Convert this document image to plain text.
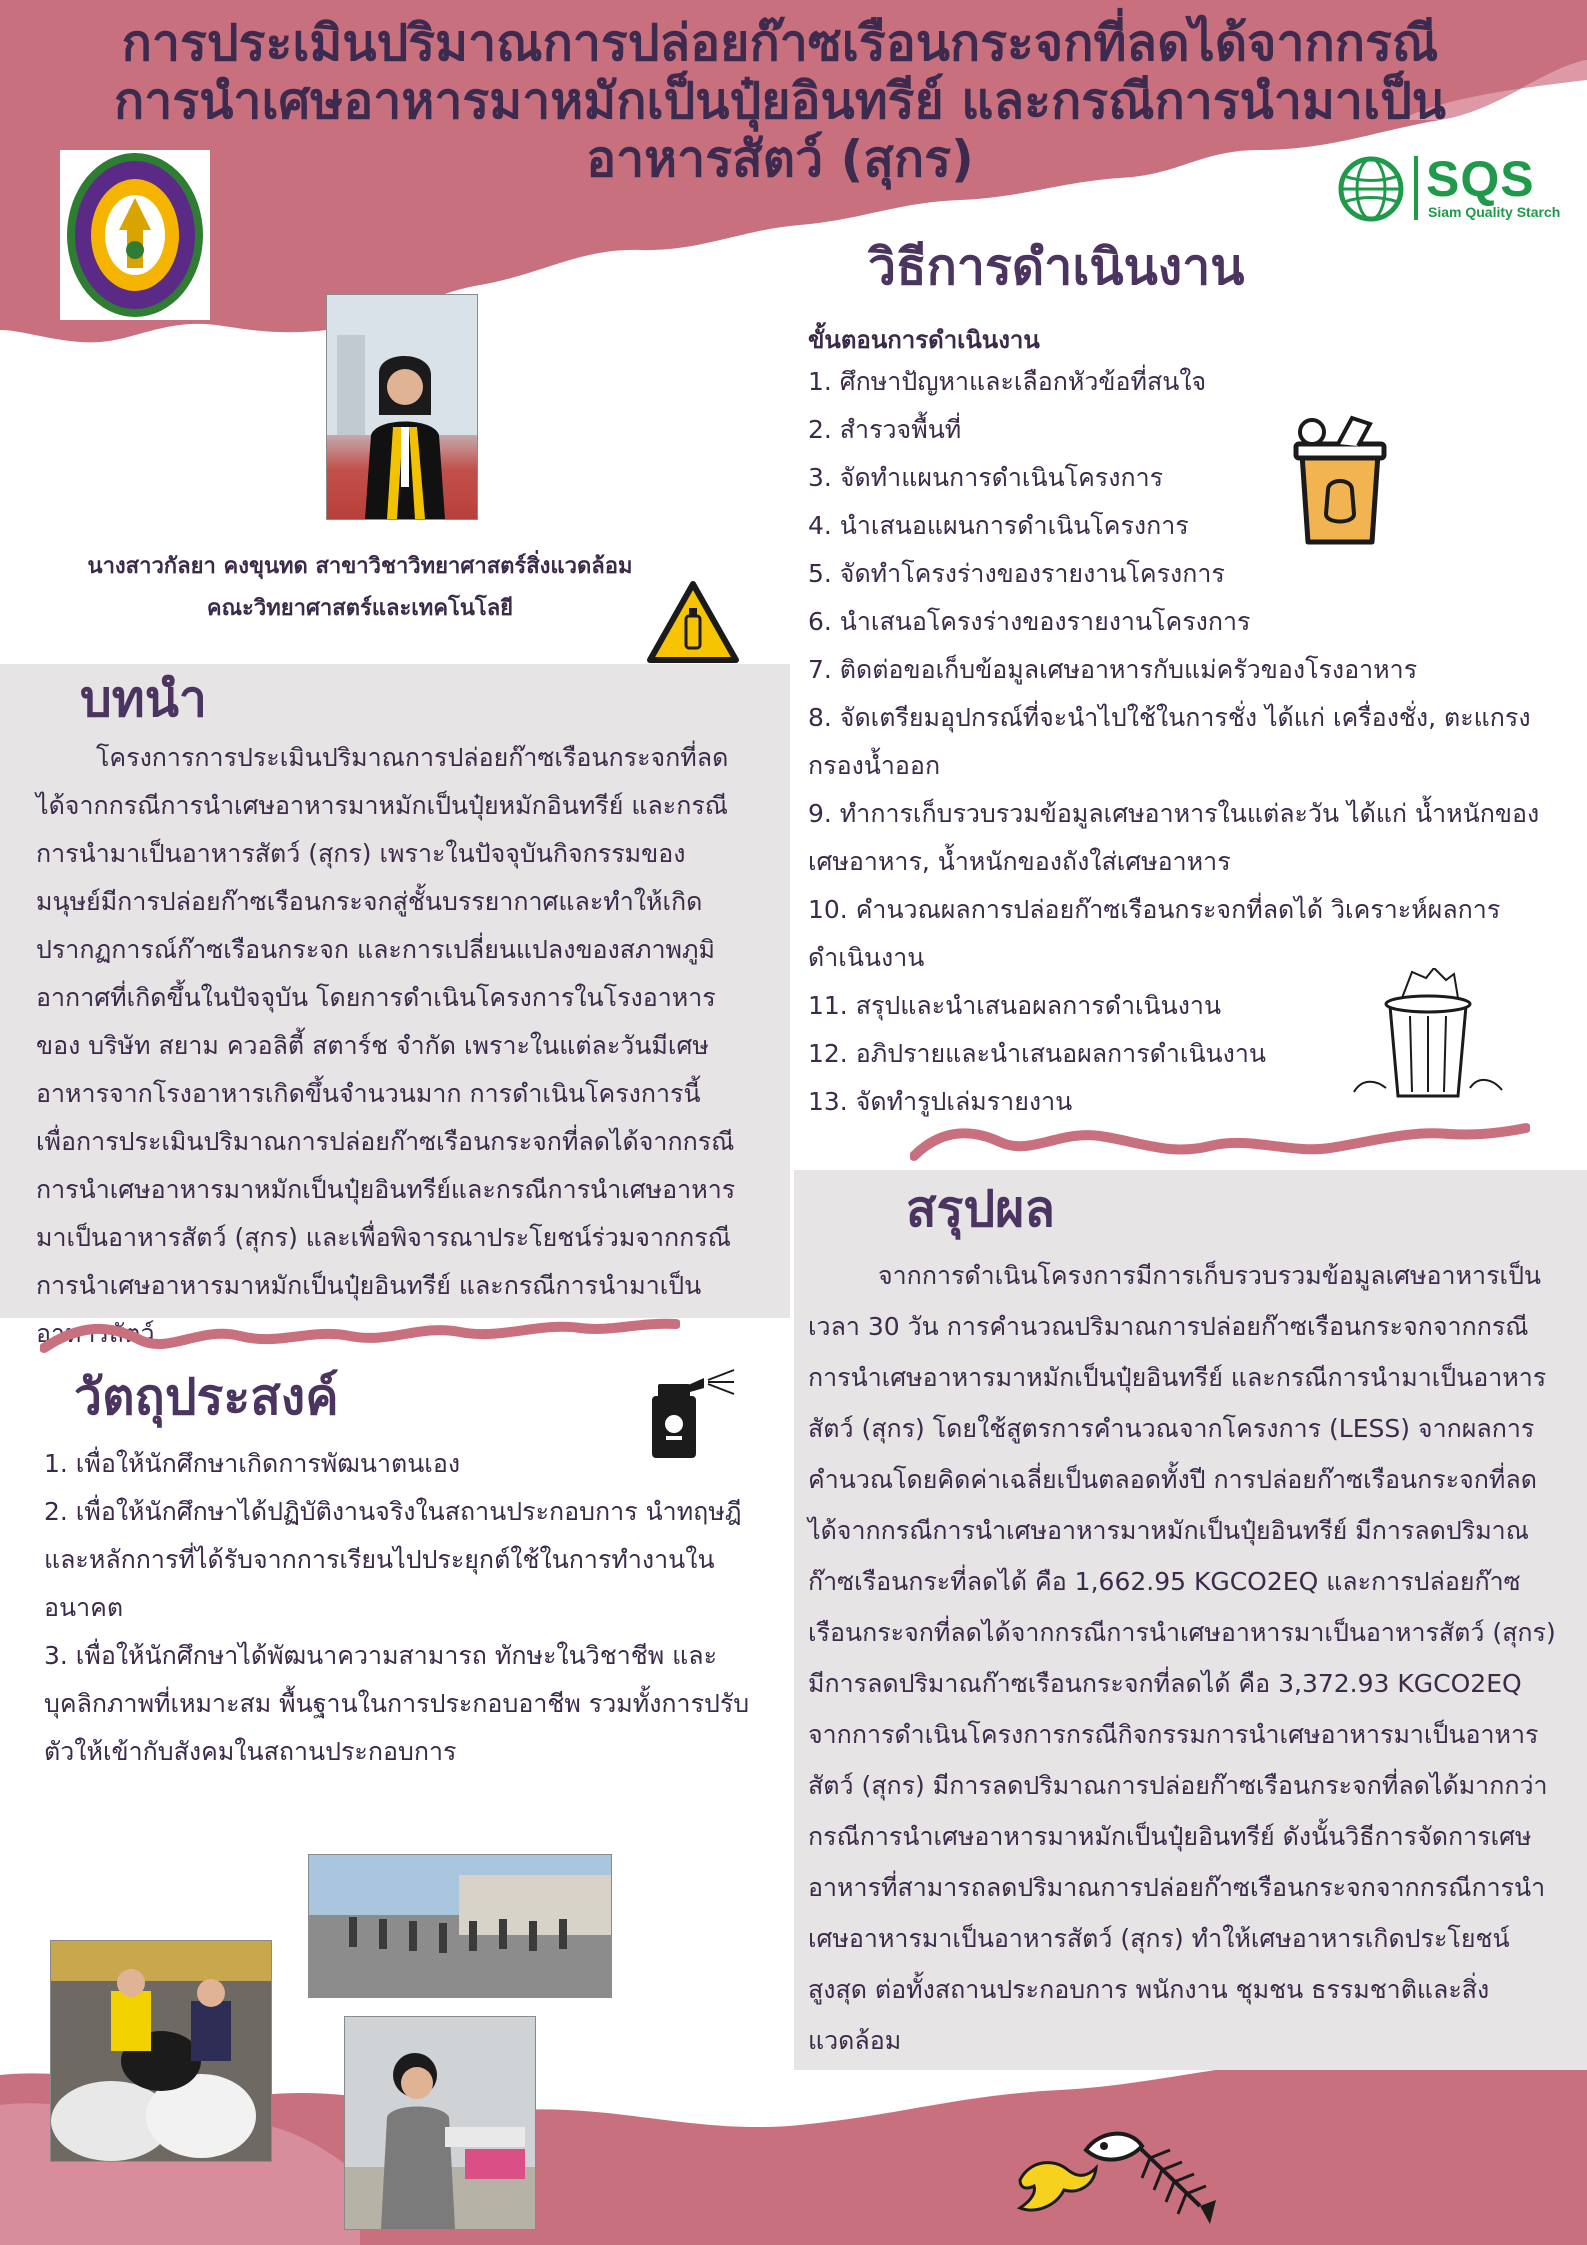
การประเมินปริมาณการปล่อยก๊าซเรือนกระจกที่ลดได้จากกรณีการนำเศษอาหารมาหมักเป็นปุ๋ยอินทรีย์ และกรณีการนำมาเป็นอาหารสัตว์ (สุกร)
นางสาวกัลยา คงขุนทด สาขาวิชาวิทยาศาสตร์สิ่งแวดล้อม
คณะวิทยาศาสตร์และเทคโนโลยี
SQS
Siam Quality Starch
บทนำ
โครงการการประเมินปริมาณการปล่อยก๊าซเรือนกระจกที่ลดได้จากกรณีการนำเศษอาหารมาหมักเป็นปุ๋ยหมักอินทรีย์ และกรณีการนำมาเป็นอาหารสัตว์ (สุกร) เพราะในปัจจุบันกิจกรรมของมนุษย์มีการปล่อยก๊าซเรือนกระจกสู่ชั้นบรรยากาศและทำให้เกิดปรากฏการณ์ก๊าซเรือนกระจก และการเปลี่ยนแปลงของสภาพภูมิอากาศที่เกิดขึ้นในปัจจุบัน โดยการดำเนินโครงการในโรงอาหารของ บริษัท สยาม ควอลิตี้ สตาร์ช จำกัด เพราะในแต่ละวันมีเศษอาหารจากโรงอาหารเกิดขึ้นจำนวนมาก การดำเนินโครงการนี้เพื่อการประเมินปริมาณการปล่อยก๊าซเรือนกระจกที่ลดได้จากกรณีการนำเศษอาหารมาหมักเป็นปุ๋ยอินทรีย์และกรณีการนำเศษอาหารมาเป็นอาหารสัตว์ (สุกร) และเพื่อพิจารณาประโยชน์ร่วมจากกรณีการนำเศษอาหารมาหมักเป็นปุ๋ยอินทรีย์ และกรณีการนำมาเป็นอาหารสัตว์
วัตถุประสงค์
1. เพื่อให้นักศึกษาเกิดการพัฒนาตนเอง
2. เพื่อให้นักศึกษาได้ปฏิบัติงานจริงในสถานประกอบการ นำทฤษฎีและหลักการที่ได้รับจากการเรียนไปประยุกต์ใช้ในการทำงานในอนาคต
3. เพื่อให้นักศึกษาได้พัฒนาความสามารถ ทักษะในวิชาชีพ และบุคลิกภาพที่เหมาะสม พื้นฐานในการประกอบอาชีพ รวมทั้งการปรับตัวให้เข้ากับสังคมในสถานประกอบการ
วิธีการดำเนินงาน
ขั้นตอนการดำเนินงาน
1. ศึกษาปัญหาและเลือกหัวข้อที่สนใจ
2. สำรวจพื้นที่
3. จัดทำแผนการดำเนินโครงการ
4. นำเสนอแผนการดำเนินโครงการ
5. จัดทำโครงร่างของรายงานโครงการ
6. นำเสนอโครงร่างของรายงานโครงการ
7. ติดต่อขอเก็บข้อมูลเศษอาหารกับแม่ครัวของโรงอาหาร
8. จัดเตรียมอุปกรณ์ที่จะนำไปใช้ในการชั่ง ได้แก่ เครื่องชั่ง, ตะแกรงกรองน้ำออก
9. ทำการเก็บรวบรวมข้อมูลเศษอาหารในแต่ละวัน ได้แก่ น้ำหนักของเศษอาหาร, น้ำหนักของถังใส่เศษอาหาร
10. คำนวณผลการปล่อยก๊าซเรือนกระจกที่ลดได้ วิเคราะห์ผลการดำเนินงาน
11. สรุปและนำเสนอผลการดำเนินงาน
12. อภิปรายและนำเสนอผลการดำเนินงาน
13. จัดทำรูปเล่มรายงาน
สรุปผล
จากการดำเนินโครงการมีการเก็บรวบรวมข้อมูลเศษอาหารเป็นเวลา 30 วัน การคำนวณปริมาณการปล่อยก๊าซเรือนกระจกจากกรณีการนำเศษอาหารมาหมักเป็นปุ๋ยอินทรีย์ และกรณีการนำมาเป็นอาหารสัตว์ (สุกร) โดยใช้สูตรการคำนวณจากโครงการ (LESS) จากผลการคำนวณโดยคิดค่าเฉลี่ยเป็นตลอดทั้งปี การปล่อยก๊าซเรือนกระจกที่ลดได้จากกรณีการนำเศษอาหารมาหมักเป็นปุ๋ยอินทรีย์ มีการลดปริมาณก๊าซเรือนกระที่ลดได้ คือ 1,662.95 KGCO2EQ และการปล่อยก๊าซเรือนกระจกที่ลดได้จากกรณีการนำเศษอาหารมาเป็นอาหารสัตว์ (สุกร) มีการลดปริมาณก๊าซเรือนกระจกที่ลดได้ คือ 3,372.93 KGCO2EQ จากการดำเนินโครงการกรณีกิจกรรมการนำเศษอาหารมาเป็นอาหารสัตว์ (สุกร) มีการลดปริมาณการปล่อยก๊าซเรือนกระจกที่ลดได้มากกว่า กรณีการนำเศษอาหารมาหมักเป็นปุ๋ยอินทรีย์ ดังนั้นวิธีการจัดการเศษอาหารที่สามารถลดปริมาณการปล่อยก๊าซเรือนกระจกจากกรณีการนำเศษอาหารมาเป็นอาหารสัตว์ (สุกร) ทำให้เศษอาหารเกิดประโยชน์สูงสุด ต่อทั้งสถานประกอบการ พนักงาน ชุมชน ธรรมชาติและสิ่งแวดล้อม
